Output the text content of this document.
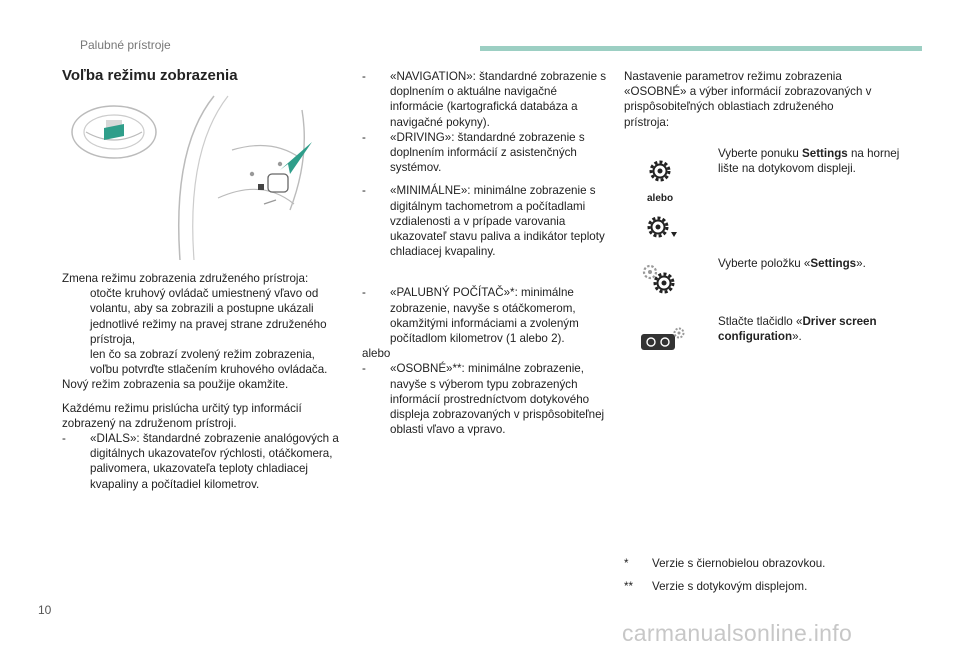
Palubné prístroje
Voľba režimu zobrazenia
Zmena režimu zobrazenia združeného prístroja:
otočte kruhový ovládač umiestnený vľavo od volantu, aby sa zobrazili a postupne ukázali jednotlivé režimy na pravej strane združeného prístroja,
len čo sa zobrazí zvolený režim zobrazenia, voľbu potvrďte stlačením kruhového ovládača.
Nový režim zobrazenia sa použije okamžite.
Každému režimu prislúcha určitý typ informácií zobrazený na združenom prístroji.
-	«DIALS»: štandardné zobrazenie analógových a digitálnych ukazovateľov rýchlosti, otáčkomera, palivomera, ukazovateľa teploty chladiacej kvapaliny a počítadiel kilometrov.
-	«NAVIGATION»: štandardné zobrazenie s doplnením o aktuálne navigačné informácie (kartografická databáza a navigačné pokyny).
-	«DRIVING»: štandardné zobrazenie s doplnením informácií z asistenčných systémov.
-	«MINIMÁLNE»: minimálne zobrazenie s digitálnym tachometrom a počítadlami vzdialenosti a v prípade varovania ukazovateľ stavu paliva a indikátor teploty chladiacej kvapaliny.
-	«PALUBNÝ POČÍTAČ»*: minimálne zobrazenie, navyše s otáčkomerom, okamžitými informáciami a zvoleným počítadlom kilometrov (1 alebo 2).
alebo
-	«OSOBNÉ»**: minimálne zobrazenie, navyše s výberom typu zobrazených informácií prostredníctvom dotykového displeja zobrazovaných v prispôsobiteľnej oblasti vľavo a vpravo.
Nastavenie parametrov režimu zobrazenia «OSOBNÉ» a výber informácií zobrazovaných v prispôsobiteľných oblastiach združeného prístroja:
alebo
Vyberte ponuku Settings na hornej lište na dotykovom displeji.
Vyberte položku «Settings».
Stlačte tlačidlo «Driver screen configuration».
* Verzie s čiernobielou obrazovkou.
** Verzie s dotykovým displejom.
10
carmanualsonline.info
